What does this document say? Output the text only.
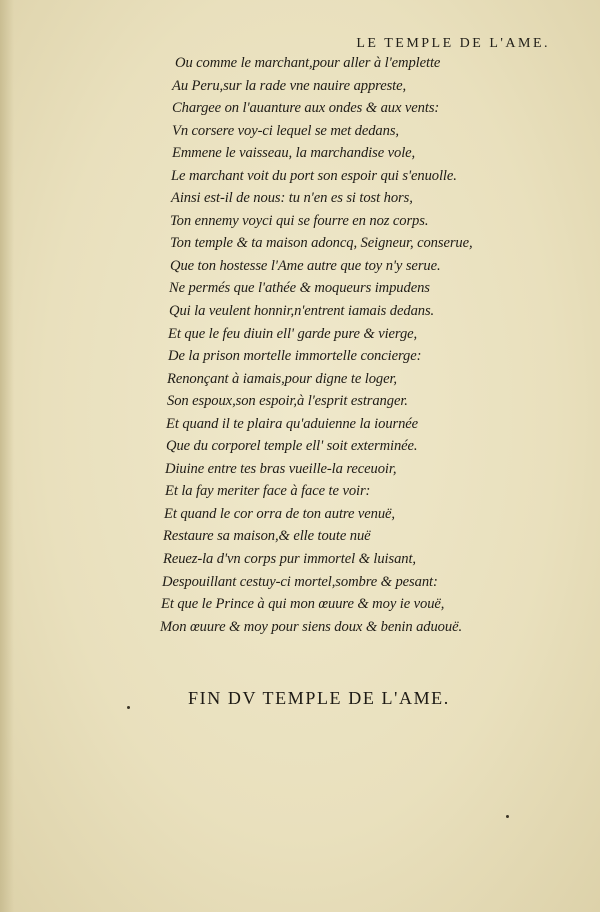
LE TEMPLE DE L'AME.
Ou comme le marchant,pour aller à l'emplette
Au Peru,sur la rade vne nauire appreste,
Chargee on l'auanture aux ondes & aux vents:
Vn corsere voy-ci lequel se met dedans,
Emmene le vaisseau, la marchandise vole,
Le marchant voit du port son espoir qui s'enuolle.
Ainsi est-il de nous: tu n'en es si tost hors,
Ton ennemy voyci qui se fourre en noz corps.
Ton temple & ta maison adoncq, Seigneur, conserue,
Que ton hostesse l'Ame autre que toy n'y serue.
Ne permés que l'athée & moqueurs impudens
Qui la veulent honnir,n'entrent iamais dedans.
Et que le feu diuin ell' garde pure & vierge,
De la prison mortelle immortelle concierge:
Renonçant à iamais,pour digne te loger,
Son espoux,son espoir,à l'esprit estranger.
Et quand il te plaira qu'aduienne la iournée
Que du corporel temple ell' soit exterminée.
Diuine entre tes bras vueille-la receuoir,
Et la fay meriter face à face te voir:
Et quand le cor orra de ton autre venuë,
Restaure sa maison,& elle toute nuë
Reuez-la d'vn corps pur immortel & luisant,
Despouillant cestuy-ci mortel,sombre & pesant:
Et que le Prince à qui mon œuure & moy ie vouë,
Mon œuure & moy pour siens doux & benin aduouë.
FIN DV TEMPLE DE L'AME.
